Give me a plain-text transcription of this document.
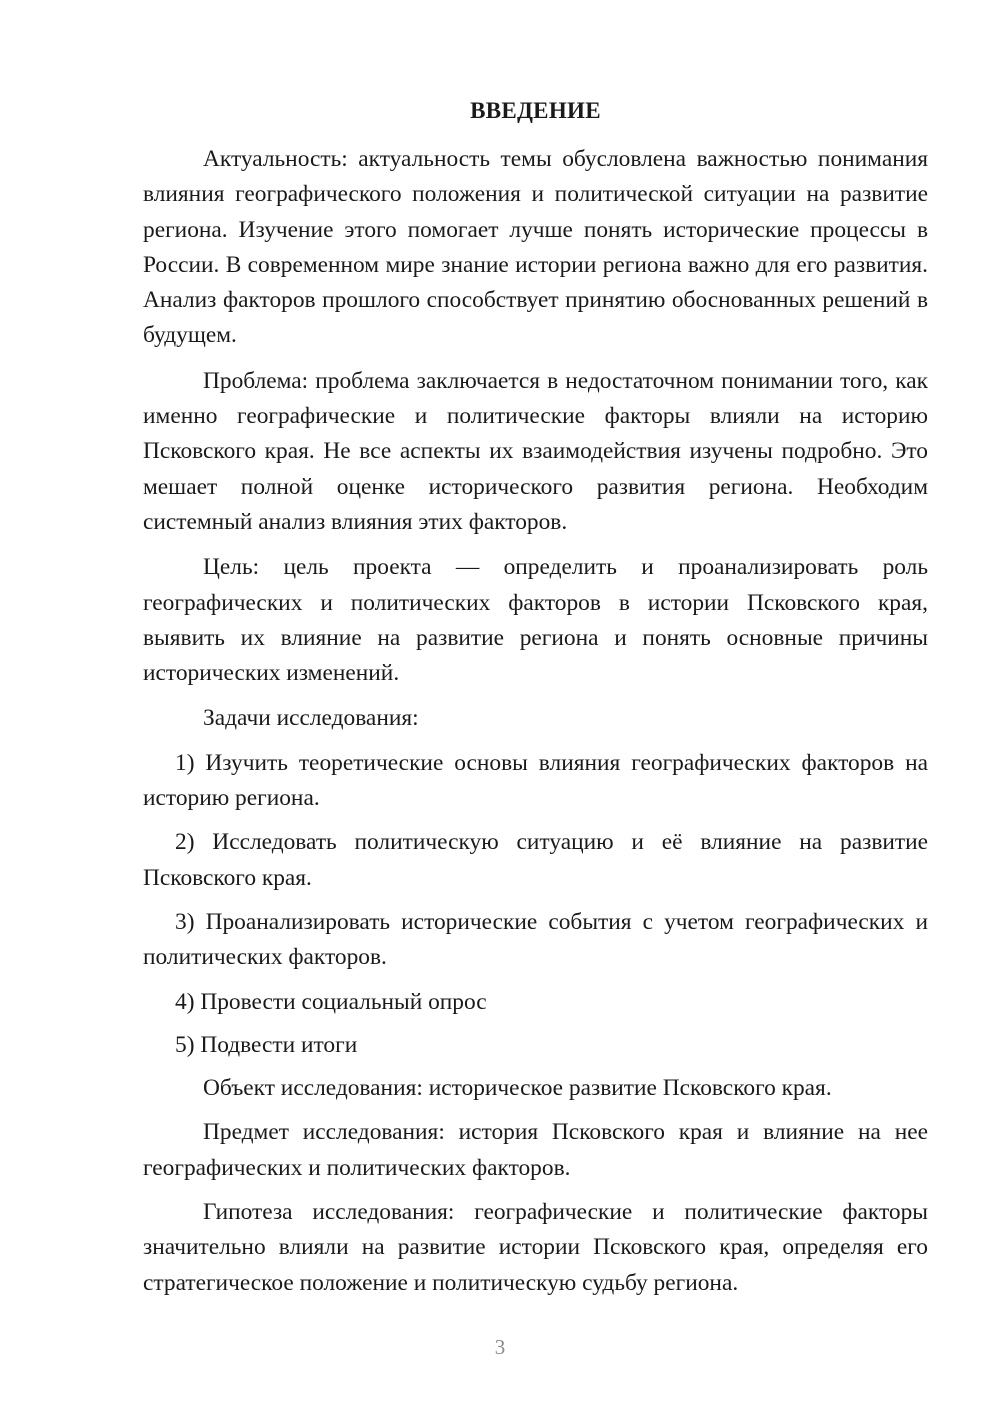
ВВЕДЕНИЕ

Актуальность: актуальность темы обусловлена важностью понимания влияния географического положения и политической ситуации на развитие региона. Изучение этого помогает лучше понять исторические процессы в России. В современном мире знание истории региона важно для его развития. Анализ факторов прошлого способствует принятию обоснованных решений в будущем.

Проблема: проблема заключается в недостаточном понимании того, как именно географические и политические факторы влияли на историю Псковского края. Не все аспекты их взаимодействия изучены подробно. Это мешает полной оценке исторического развития региона. Необходим системный анализ влияния этих факторов.

Цель: цель проекта — определить и проанализировать роль географических и политических факторов в истории Псковского края, выявить их влияние на развитие региона и понять основные причины исторических изменений.

Задачи исследования:

1) Изучить теоретические основы влияния географических факторов на историю региона.

2) Исследовать политическую ситуацию и её влияние на развитие Псковского края.

3) Проанализировать исторические события с учетом географических и политических факторов.

4) Провести социальный опрос

5) Подвести итоги

Объект исследования: историческое развитие Псковского края.

Предмет исследования: история Псковского края и влияние на нее географических и политических факторов.

Гипотеза исследования: географические и политические факторы значительно влияли на развитие истории Псковского края, определяя его стратегическое положение и политическую судьбу региона.

3
